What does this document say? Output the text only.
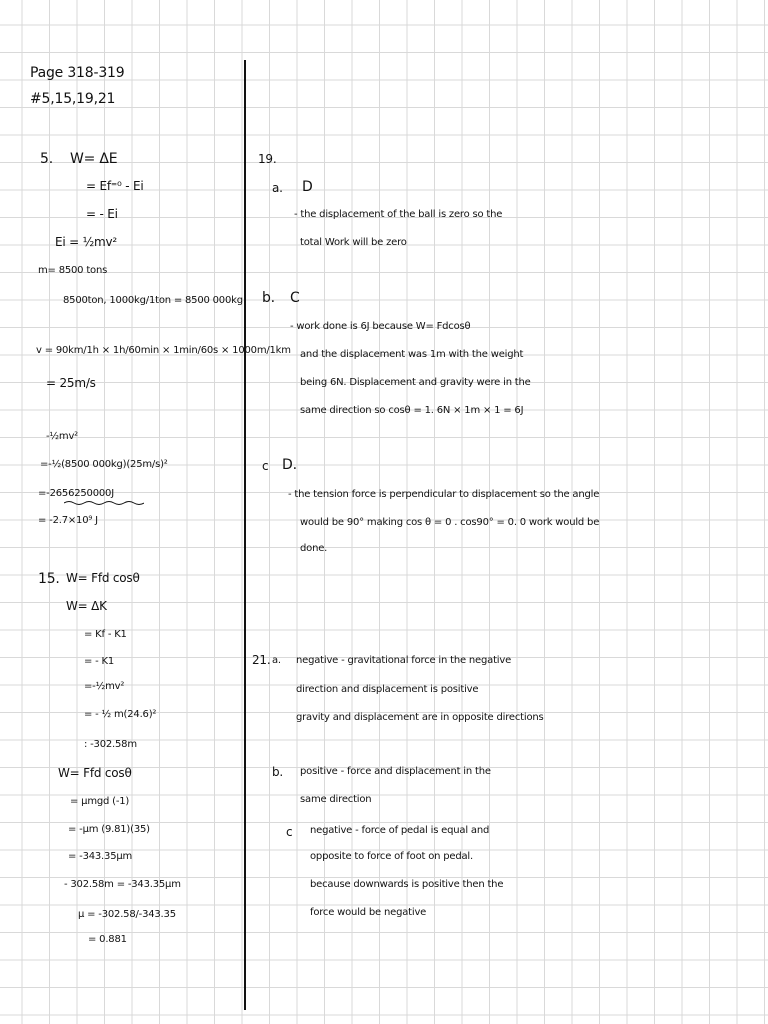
Page 318-319
#5,15,19,21
5. W= ΔE
= Ef⁼⁰ - Ei
= - Ei
Ei = ½mv²
m= 8500 tons
8500ton, 1000kg/1ton = 8500 000kg
v = 90km/1h × 1h/60min × 1min/60s × 1000m/1km
= 25m/s
-½mv²
=-½(8500 000kg)(25m/s)²
=-2656250000J
= -2.7×10⁹ J
15. W= Ffd cosθ
W= ΔK
= Kf - K1
= - K1
=-½mv²
= - ½ m(24.6)²
: -302.58m
W= Ffd cosθ
= μmgd (-1)
= -μm (9.81)(35)
= -343.35μm
- 302.58m = -343.35μm
μ = -302.58/-343.35
= 0.881
19.
a. D
- the displacement of the ball is zero so the
total Work will be zero
b. C
- work done is 6J because W= Fdcosθ
and the displacement was 1m with the weight
being 6N. Displacement and gravity were in the
same direction so cosθ = 1. 6N × 1m × 1 = 6J
c D.
- the tension force is perpendicular to displacement so the angle
would be 90° making cos θ = 0 . cos90° = 0. 0 work would be
done.
21. a. negative - gravitational force in the negative
direction and displacement is positive
gravity and displacement are in opposite directions
b. positive - force and displacement in the
same direction
c negative - force of pedal is equal and
opposite to force of foot on pedal.
because downwards is positive then the
force would be negative
